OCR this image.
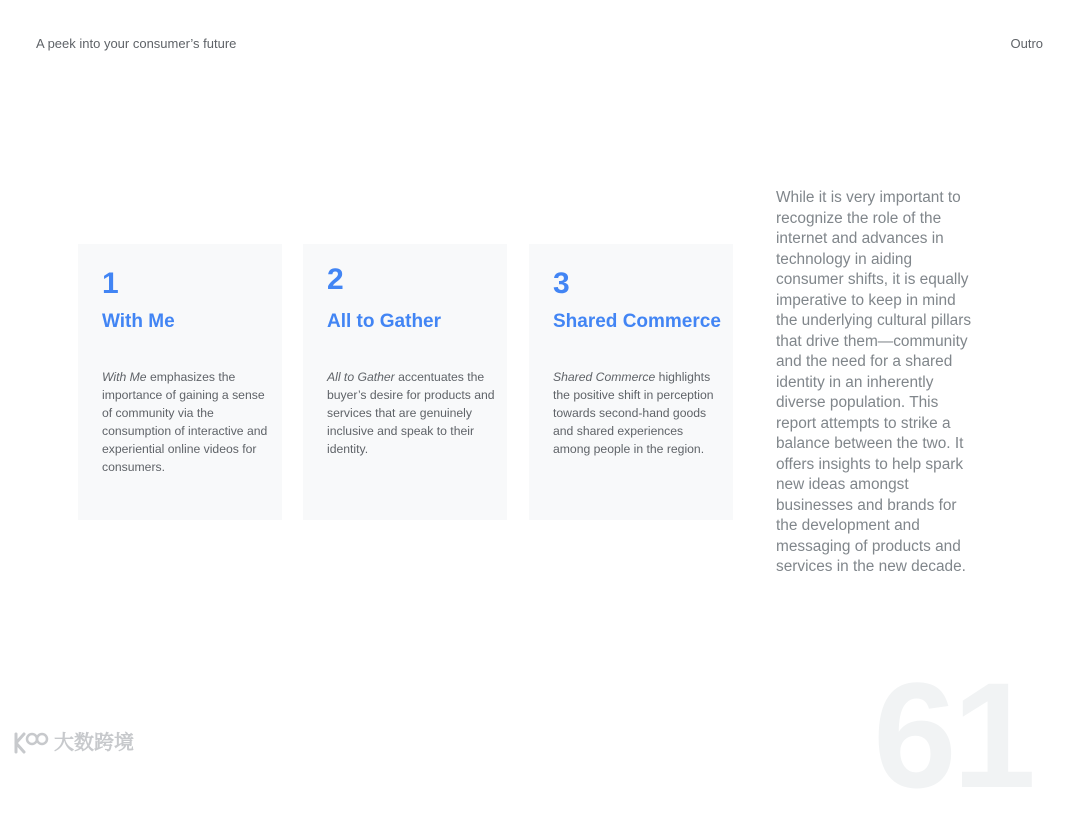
A peek into your consumer’s future	Outro
1
With Me
With Me emphasizes the importance of gaining a sense of community via the consumption of interactive and experiential online videos for consumers.
2
All to Gather
All to Gather accentuates the buyer’s desire for products and services that are genuinely inclusive and speak to their identity.
3
Shared Commerce
Shared Commerce highlights the positive shift in perception towards second-hand goods and shared experiences among people in the region.
While it is very important to recognize the role of the internet and advances in technology in aiding consumer shifts, it is equally imperative to keep in mind the underlying cultural pillars that drive them—community and the need for a shared identity in an inherently diverse population. This report attempts to strike a balance between the two. It offers insights to help spark new ideas amongst businesses and brands for the development and messaging of products and services in the new decade.
61
大数跨境
